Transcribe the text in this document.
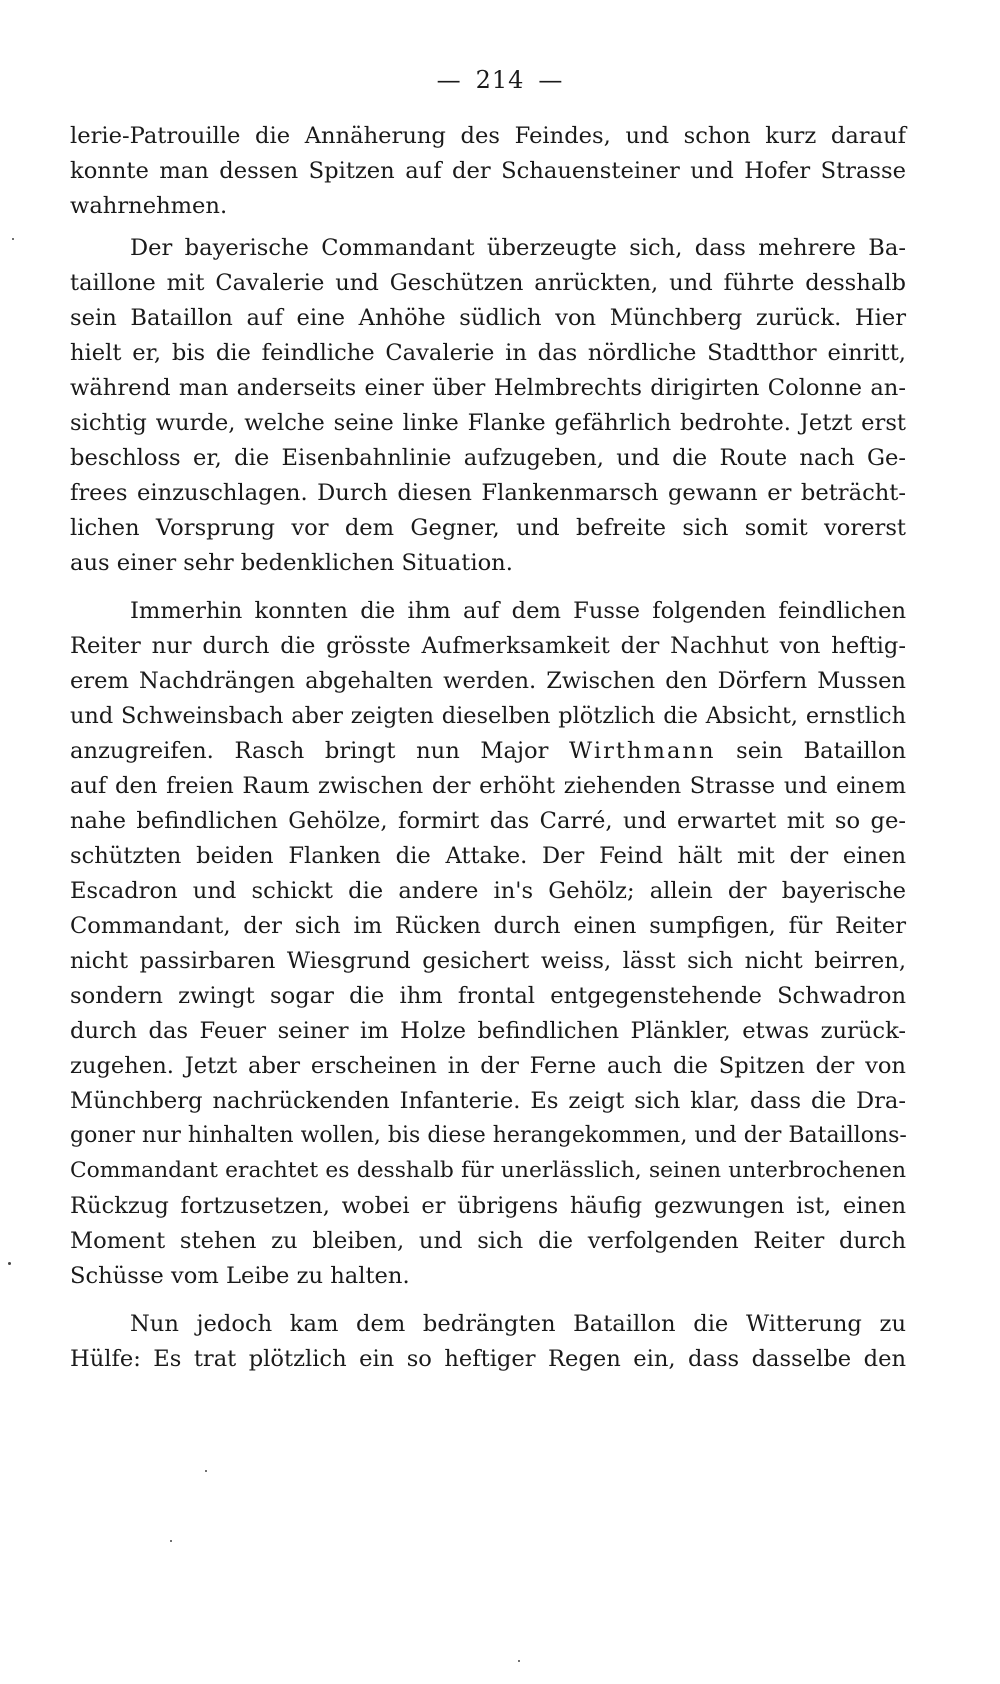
— 214 —
lerie-Patrouille die Annäherung des Feindes, und schon kurz darauf
konnte man dessen Spitzen auf der Schauensteiner und Hofer Strasse
wahrnehmen.
Der bayerische Commandant überzeugte sich, dass mehrere Ba-
taillone mit Cavalerie und Geschützen anrückten, und führte desshalb
sein Bataillon auf eine Anhöhe südlich von Münchberg zurück. Hier
hielt er, bis die feindliche Cavalerie in das nördliche Stadtthor einritt,
während man anderseits einer über Helmbrechts dirigirten Colonne an-
sichtig wurde, welche seine linke Flanke gefährlich bedrohte. Jetzt erst
beschloss er, die Eisenbahnlinie aufzugeben, und die Route nach Ge-
frees einzuschlagen. Durch diesen Flankenmarsch gewann er beträcht-
lichen Vorsprung vor dem Gegner, und befreite sich somit vorerst
aus einer sehr bedenklichen Situation.
Immerhin konnten die ihm auf dem Fusse folgenden feindlichen
Reiter nur durch die grösste Aufmerksamkeit der Nachhut von heftig-
erem Nachdrängen abgehalten werden. Zwischen den Dörfern Mussen
und Schweinsbach aber zeigten dieselben plötzlich die Absicht, ernstlich
anzugreifen. Rasch bringt nun Major Wirthmann sein Bataillon
auf den freien Raum zwischen der erhöht ziehenden Strasse und einem
nahe befindlichen Gehölze, formirt das Carré, und erwartet mit so ge-
schützten beiden Flanken die Attake. Der Feind hält mit der einen
Escadron und schickt die andere in's Gehölz; allein der bayerische
Commandant, der sich im Rücken durch einen sumpfigen, für Reiter
nicht passirbaren Wiesgrund gesichert weiss, lässt sich nicht beirren,
sondern zwingt sogar die ihm frontal entgegenstehende Schwadron
durch das Feuer seiner im Holze befindlichen Plänkler, etwas zurück-
zugehen. Jetzt aber erscheinen in der Ferne auch die Spitzen der von
Münchberg nachrückenden Infanterie. Es zeigt sich klar, dass die Dra-
goner nur hinhalten wollen, bis diese herangekommen, und der Bataillons-
Commandant erachtet es desshalb für unerlässlich, seinen unterbrochenen
Rückzug fortzusetzen, wobei er übrigens häufig gezwungen ist, einen
Moment stehen zu bleiben, und sich die verfolgenden Reiter durch
Schüsse vom Leibe zu halten.
Nun jedoch kam dem bedrängten Bataillon die Witterung zu
Hülfe: Es trat plötzlich ein so heftiger Regen ein, dass dasselbe den
